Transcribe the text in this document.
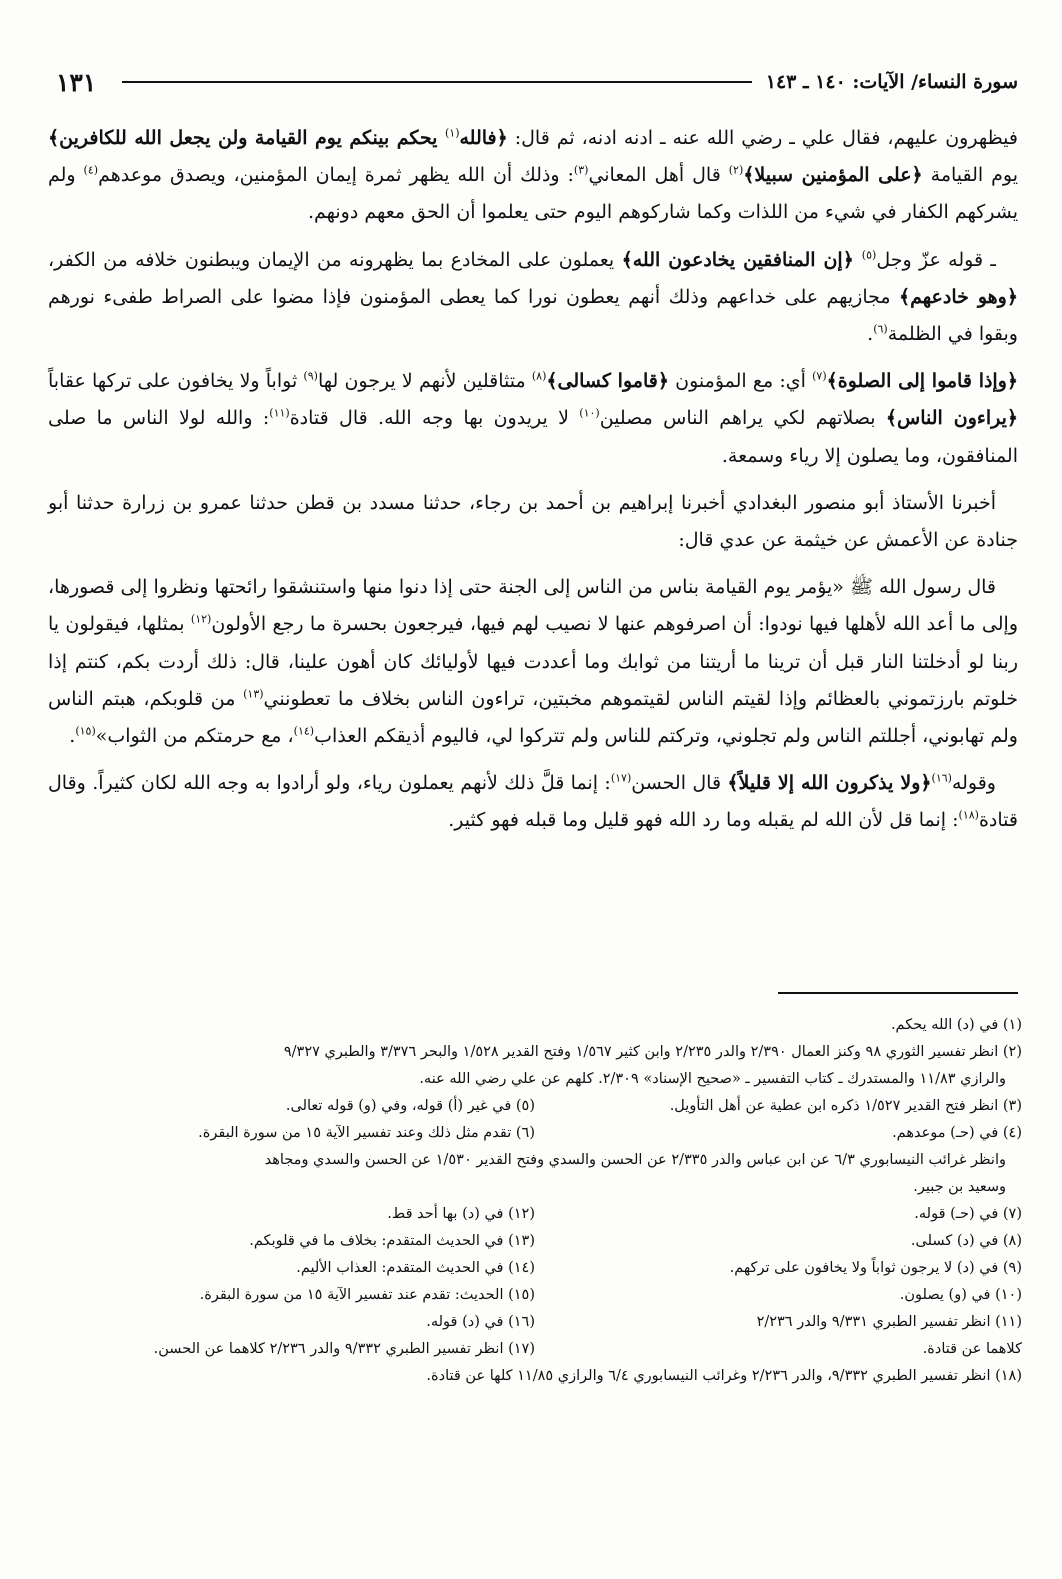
١٣١	سورة النساء/ الآيات: ١٤٠ ـ ١٤٣

فيظهرون عليهم، فقال علي ـ رضي الله عنه ـ ادنه ادنه، ثم قال: ﴿فالله$^{(١)}$ يحكم بينكم يوم القيامة ولن يجعل الله للكافرين﴾يوم القيامة ﴿على المؤمنين سبيلا﴾$^{(٢)}$ قال أهل المعاني$^{(٣)}$: وذلك أن الله يظهر ثمرة إيمان المؤمنين، ويصدق موعدهم$^{(٤)}$ ولم يشركهم الكفار في شيء من اللذات وكما شاركوهم اليوم حتى يعلموا أن الحق معهم دونهم.

ـ قوله عزّ وجل$^{(٥)}$ ﴿إن المنافقين يخادعون الله﴾ يعملون على المخادع بما يظهرونه من الإيمان ويبطنون خلافه من الكفر، ﴿وهو خادعهم﴾ مجازيهم على خداعهم وذلك أنهم يعطون نورا كما يعطى المؤمنون فإذا مضوا على الصراط طفىء نورهم وبقوا في الظلمة$^{(٦)}$.

﴿وإذا قاموا إلى الصلوة﴾$^{(٧)}$ أي: مع المؤمنون ﴿قاموا كسالى﴾$^{(٨)}$ متثاقلين لأنهم لا يرجون لها$^{(٩)}$ ثواباً ولا يخافون على تركها عقاباً ﴿يراءون الناس﴾ بصلاتهم لكي يراهم الناس مصلين$^{(١٠)}$ لا يريدون بها وجه الله. قال قتادة$^{(١١)}$: والله لولا الناس ما صلى المنافقون، وما يصلون إلا رياء وسمعة.

أخبرنا الأستاذ أبو منصور البغدادي أخبرنا إبراهيم بن أحمد بن رجاء، حدثنا مسدد بن قطن حدثنا عمرو بن زرارة حدثنا أبو جنادة عن الأعمش عن خيثمة عن عدي قال:

قال رسول الله ﷺ «يؤمر يوم القيامة بناس من الناس إلى الجنة حتى إذا دنوا منها واستنشقوا رائحتها ونظروا إلى قصورها، وإلى ما أعد الله لأهلها فيها نودوا: أن اصرفوهم عنها لا نصيب لهم فيها، فيرجعون بحسرة ما رجع الأولون$^{(١٢)}$ بمثلها، فيقولون يا ربنا لو أدخلتنا النار قبل أن ترينا ما أريتنا من ثوابك وما أعددت فيها لأوليائك كان أهون علينا، قال: ذلك أردت بكم، كنتم إذا خلوتم بارزتموني بالعظائم وإذا لقيتم الناس لقيتموهم مخبتين، تراءون الناس بخلاف ما تعطونني$^{(١٣)}$ من قلوبكم، هبتم الناس ولم تهابوني، أجللتم الناس ولم تجلوني، وتركتم للناس ولم تتركوا لي، فاليوم أذيقكم العذاب$^{(١٤)}$، مع حرمتكم من الثواب»$^{(١٥)}$.

وقوله$^{(١٦)}$﴿ولا يذكرون الله إلا قليلاً﴾ قال الحسن$^{(١٧)}$: إنما قلَّ ذلك لأنهم يعملون رياء، ولو أرادوا به وجه الله لكان كثيراً. وقال قتادة$^{(١٨)}$: إنما قل لأن الله لم يقبله وما رد الله فهو قليل وما قبله فهو كثير.

(١) في (د) الله يحكم.

(٢) انظر تفسير الثوري ٩٨ وكنز العمال ٢/٣٩٠ والدر ٢/٢٣٥ وابن كثير ١/٥٦٧ وفتح القدير ١/٥٢٨ والبحر ٣/٣٧٦ والطبري ٩/٣٢٧

والرازي ١١/٨٣ والمستدرك ـ كتاب التفسير ـ «صحيح الإسناد» ٢/٣٠٩. كلهم عن علي رضي الله عنه.

(٣) انظر فتح القدير ١/٥٢٧ ذكره ابن عطية عن أهل التأويل.
(٥) في غير (أ) قوله، وفي (و) قوله تعالى.
(٤) في (حـ) موعدهم.
(٦) تقدم مثل ذلك وعند تفسير الآية ١٥ من سورة البقرة.

وانظر غرائب النيسابوري ٦/٣ عن ابن عباس والدر ٢/٣٣٥ عن الحسن والسدي وفتح القدير ١/٥٣٠ عن الحسن والسدي ومجاهد

وسعيد بن جبير.

(٧) في (حـ) قوله.
(١٢) في (د) بها أحد قط.
(٨) في (د) كسلى.
(١٣) في الحديث المتقدم: بخلاف ما في قلوبكم.
(٩) في (د) لا يرجون ثواباً ولا يخافون على تركهم.
(١٤) في الحديث المتقدم: العذاب الأليم.
(١٠) في (و) يصلون.
(١٥) الحديث: تقدم عند تفسير الآية ١٥ من سورة البقرة.
(١١) انظر تفسير الطبري ٩/٣٣١ والدر ٢/٢٣٦
(١٦) في (د) قوله.
كلاهما عن قتادة.
(١٧) انظر تفسير الطبري ٩/٣٣٢ والدر ٢/٢٣٦ كلاهما عن الحسن.

(١٨) انظر تفسير الطبري ٩/٣٣٢، والدر ٢/٢٣٦ وغرائب النيسابوري ٦/٤ والرازي ١١/٨٥ كلها عن قتادة.
